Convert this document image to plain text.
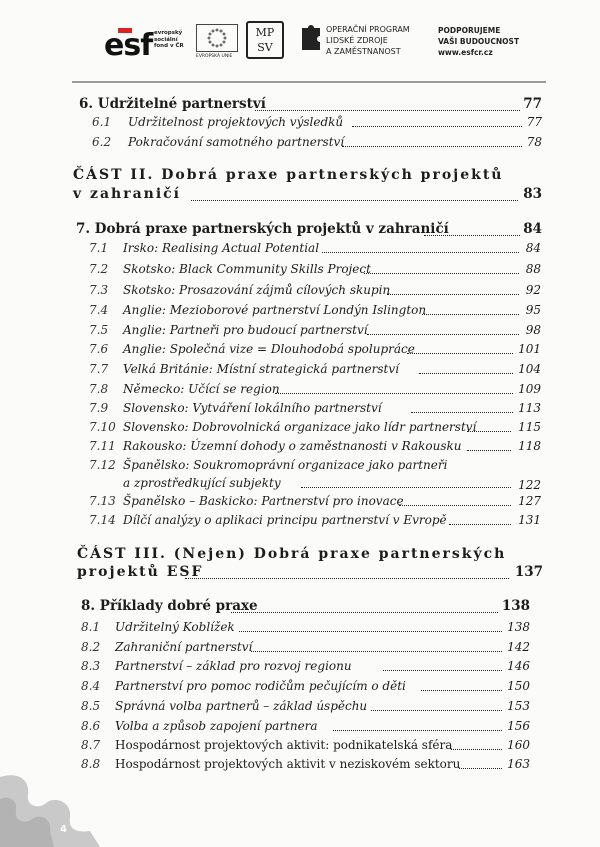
esf evropský
sociální
fond v ČR
EVROPSKÁ UNIE
MP
SV
OPERAČNÍ PROGRAM
LIDSKÉ ZDROJE
A ZAMĚSTNANOST
PODPORUJEME
VAŠI BUDOUCNOST
www.esfcr.cz
6. Udržitelné partnerství	77
6.1 Udržitelnost projektových výsledků	77
6.2 Pokračování samotného partnerství	78
ČÁST II. Dobrá praxe partnerských projektů
v zahraničí	83
7. Dobrá praxe partnerských projektů v zahraničí	84
7.1 Irsko: Realising Actual Potential	84
7.2 Skotsko: Black Community Skills Project	88
7.3 Skotsko: Prosazování zájmů cílových skupin	92
7.4 Anglie: Mezioborové partnerství Londýn Islington	95
7.5 Anglie: Partneři pro budoucí partnerství	98
7.6 Anglie: Společná vize = Dlouhodobá spolupráce	101
7.7 Velká Británie: Místní strategická partnerství	104
7.8 Německo: Učící se region	109
7.9 Slovensko: Vytváření lokálního partnerství	113
7.10 Slovensko: Dobrovolnická organizace jako lídr partnerství	115
7.11 Rakousko: Územní dohody o zaměstnanosti v Rakousku	118
7.12 Španělsko: Soukromoprávní organizace jako partneři
a zprostředkující subjekty	122
7.13 Španělsko – Baskicko: Partnerství pro inovace	127
7.14 Dílčí analýzy o aplikaci principu partnerství v Evropě	131
ČÁST III. (Nejen) Dobrá praxe partnerských
projektů ESF	137
8. Příklady dobré praxe	138
8.1 Udržitelný Koblížek	138
8.2 Zahraniční partnerství	142
8.3 Partnerství – základ pro rozvoj regionu	146
8.4 Partnerství pro pomoc rodičům pečujícím o děti	150
8.5 Správná volba partnerů – základ úspěchu	153
8.6 Volba a způsob zapojení partnera	156
8.7 Hospodárnost projektových aktivit: podnikatelská sféra	160
8.8 Hospodárnost projektových aktivit v neziskovém sektoru	163
4
